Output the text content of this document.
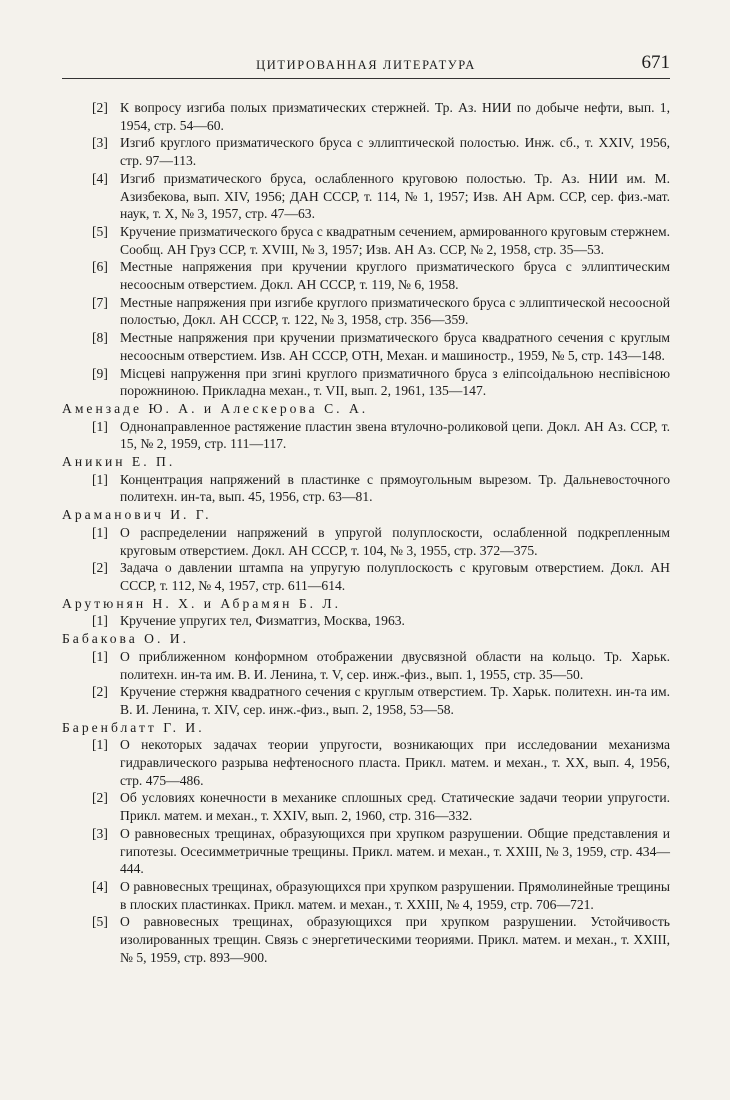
ЦИТИРОВАННАЯ ЛИТЕРАТУРА	671
[2] К вопросу изгиба полых призматических стержней. Тр. Аз. НИИ по добыче нефти, вып. 1, 1954, стр. 54—60.
[3] Изгиб круглого призматического бруса с эллиптической полостью. Инж. сб., т. XXIV, 1956, стр. 97—113.
[4] Изгиб призматического бруса, ослабленного круговою полостью. Тр. Аз. НИИ им. М. Азизбекова, вып. XIV, 1956; ДАН СССР, т. 114, № 1, 1957; Изв. АН Арм. ССР, сер. физ.-мат. наук, т. X, № 3, 1957, стр. 47—63.
[5] Кручение призматического бруса с квадратным сечением, армированного круговым стержнем. Сообщ. АН Груз ССР, т. XVIII, № 3, 1957; Изв. АН Аз. ССР, № 2, 1958, стр. 35—53.
[6] Местные напряжения при кручении круглого призматического бруса с эллиптическим несоосным отверстием. Докл. АН СССР, т. 119, № 6, 1958.
[7] Местные напряжения при изгибе круглого призматического бруса с эллиптической несоосной полостью, Докл. АН СССР, т. 122, № 3, 1958, стр. 356—359.
[8] Местные напряжения при кручении призматического бруса квадратного сечения с круглым несоосным отверстием. Изв. АН СССР, ОТН, Механ. и машиностр., 1959, № 5, стр. 143—148.
[9] Місцеві напруження при згині круглого призматичного бруса з еліпсоідальною неспівісною порожниною. Прикладна механ., т. VII, вып. 2, 1961, 135—147.
Амензаде Ю. А. и Алескерова С. А.
[1] Однонаправленное растяжение пластин звена втулочно-роликовой цепи. Докл. АН Аз. ССР, т. 15, № 2, 1959, стр. 111—117.
Аникин Е. П.
[1] Концентрация напряжений в пластинке с прямоугольным вырезом. Тр. Дальневосточного политехн. ин-та, вып. 45, 1956, стр. 63—81.
Араманович И. Г.
[1] О распределении напряжений в упругой полуплоскости, ослабленной подкрепленным круговым отверстием. Докл. АН СССР, т. 104, № 3, 1955, стр. 372—375.
[2] Задача о давлении штампа на упругую полуплоскость с круговым отверстием. Докл. АН СССР, т. 112, № 4, 1957, стр. 611—614.
Арутюнян Н. Х. и Абрамян Б. Л.
[1] Кручение упругих тел, Физматгиз, Москва, 1963.
Бабакова О. И.
[1] О приближенном конформном отображении двусвязной области на кольцо. Тр. Харьк. политехн. ин-та им. В. И. Ленина, т. V, сер. инж.-физ., вып. 1, 1955, стр. 35—50.
[2] Кручение стержня квадратного сечения с круглым отверстием. Тр. Харьк. политехн. ин-та им. В. И. Ленина, т. XIV, сер. инж.-физ., вып. 2, 1958, 53—58.
Баренблатт Г. И.
[1] О некоторых задачах теории упругости, возникающих при исследовании механизма гидравлического разрыва нефтеносного пласта. Прикл. матем. и механ., т. XX, вып. 4, 1956, стр. 475—486.
[2] Об условиях конечности в механике сплошных сред. Статические задачи теории упругости. Прикл. матем. и механ., т. XXIV, вып. 2, 1960, стр. 316—332.
[3] О равновесных трещинах, образующихся при хрупком разрушении. Общие представления и гипотезы. Осесимметричные трещины. Прикл. матем. и механ., т. XXIII, № 3, 1959, стр. 434—444.
[4] О равновесных трещинах, образующихся при хрупком разрушении. Прямолинейные трещины в плоских пластинках. Прикл. матем. и механ., т. XXIII, № 4, 1959, стр. 706—721.
[5] О равновесных трещинах, образующихся при хрупком разрушении. Устойчивость изолированных трещин. Связь с энергетическими теориями. Прикл. матем. и механ., т. XXIII, № 5, 1959, стр. 893—900.
